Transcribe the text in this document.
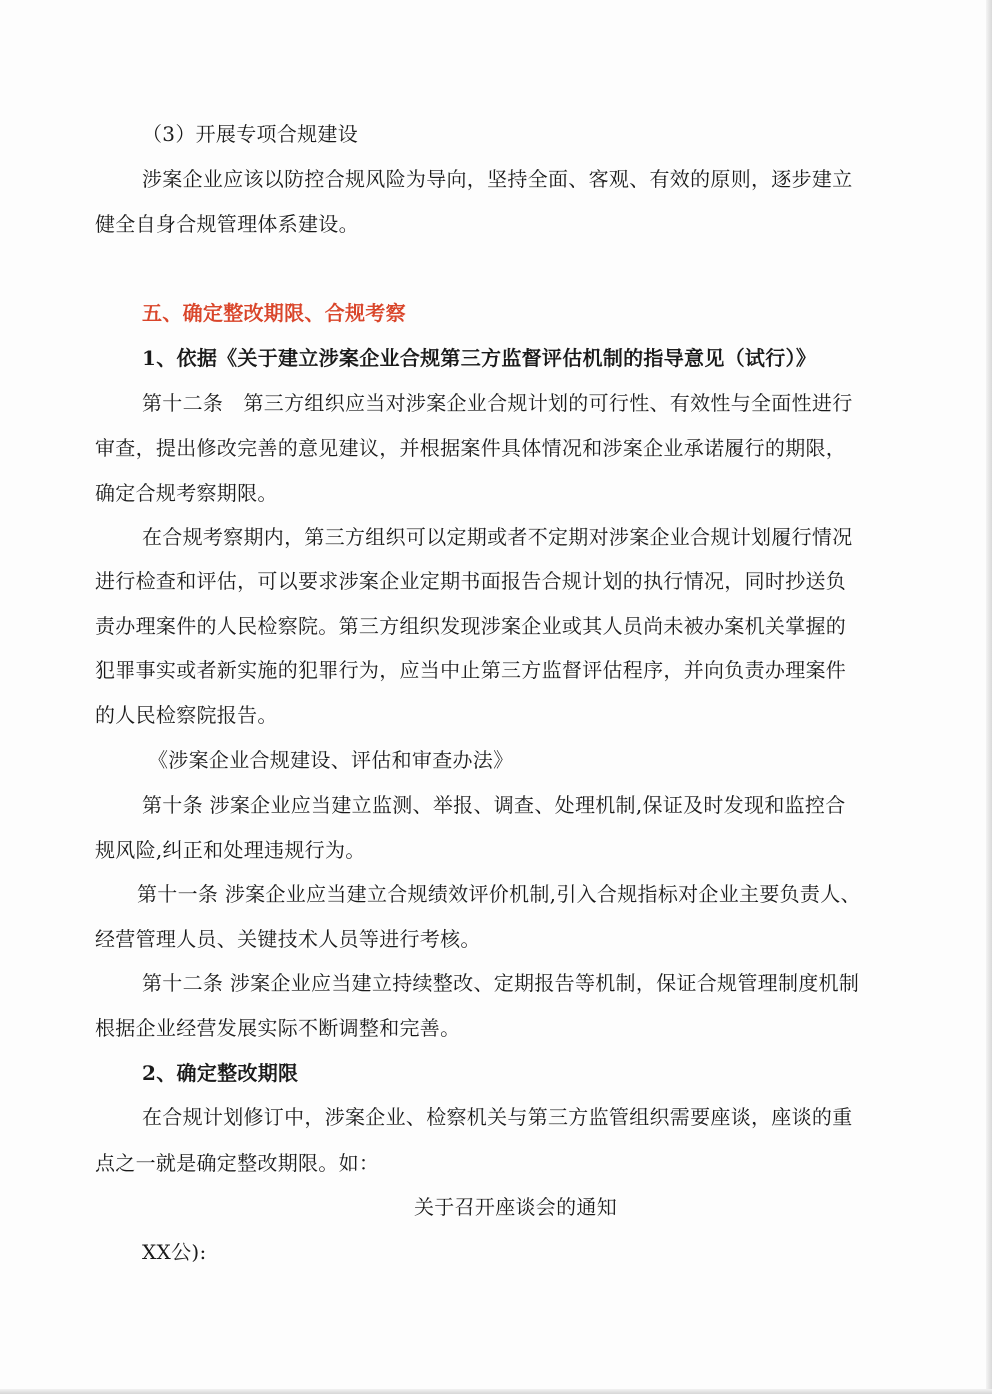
（3）开展专项合规建设
涉案企业应该以防控合规风险为导向，坚持全面、客观、有效的原则，逐步建立
健全自身合规管理体系建设。
五、确定整改期限、合规考察
1、依据《关于建立涉案企业合规第三方监督评估机制的指导意见（试行）》
第十二条　第三方组织应当对涉案企业合规计划的可行性、有效性与全面性进行
审查，提出修改完善的意见建议，并根据案件具体情况和涉案企业承诺履行的期限，
确定合规考察期限。
在合规考察期内，第三方组织可以定期或者不定期对涉案企业合规计划履行情况
进行检查和评估，可以要求涉案企业定期书面报告合规计划的执行情况，同时抄送负
责办理案件的人民检察院。第三方组织发现涉案企业或其人员尚未被办案机关掌握的
犯罪事实或者新实施的犯罪行为，应当中止第三方监督评估程序，并向负责办理案件
的人民检察院报告。
《涉案企业合规建设、评估和审查办法》
第十条 涉案企业应当建立监测、举报、调查、处理机制,保证及时发现和监控合
规风险,纠正和处理违规行为。
第十一条 涉案企业应当建立合规绩效评价机制,引入合规指标对企业主要负责人、
经营管理人员、关键技术人员等进行考核。
第十二条 涉案企业应当建立持续整改、定期报告等机制，保证合规管理制度机制
根据企业经营发展实际不断调整和完善。
2、确定整改期限
在合规计划修订中，涉案企业、检察机关与第三方监管组织需要座谈，座谈的重
点之一就是确定整改期限。如：
关于召开座谈会的通知
XX公):
